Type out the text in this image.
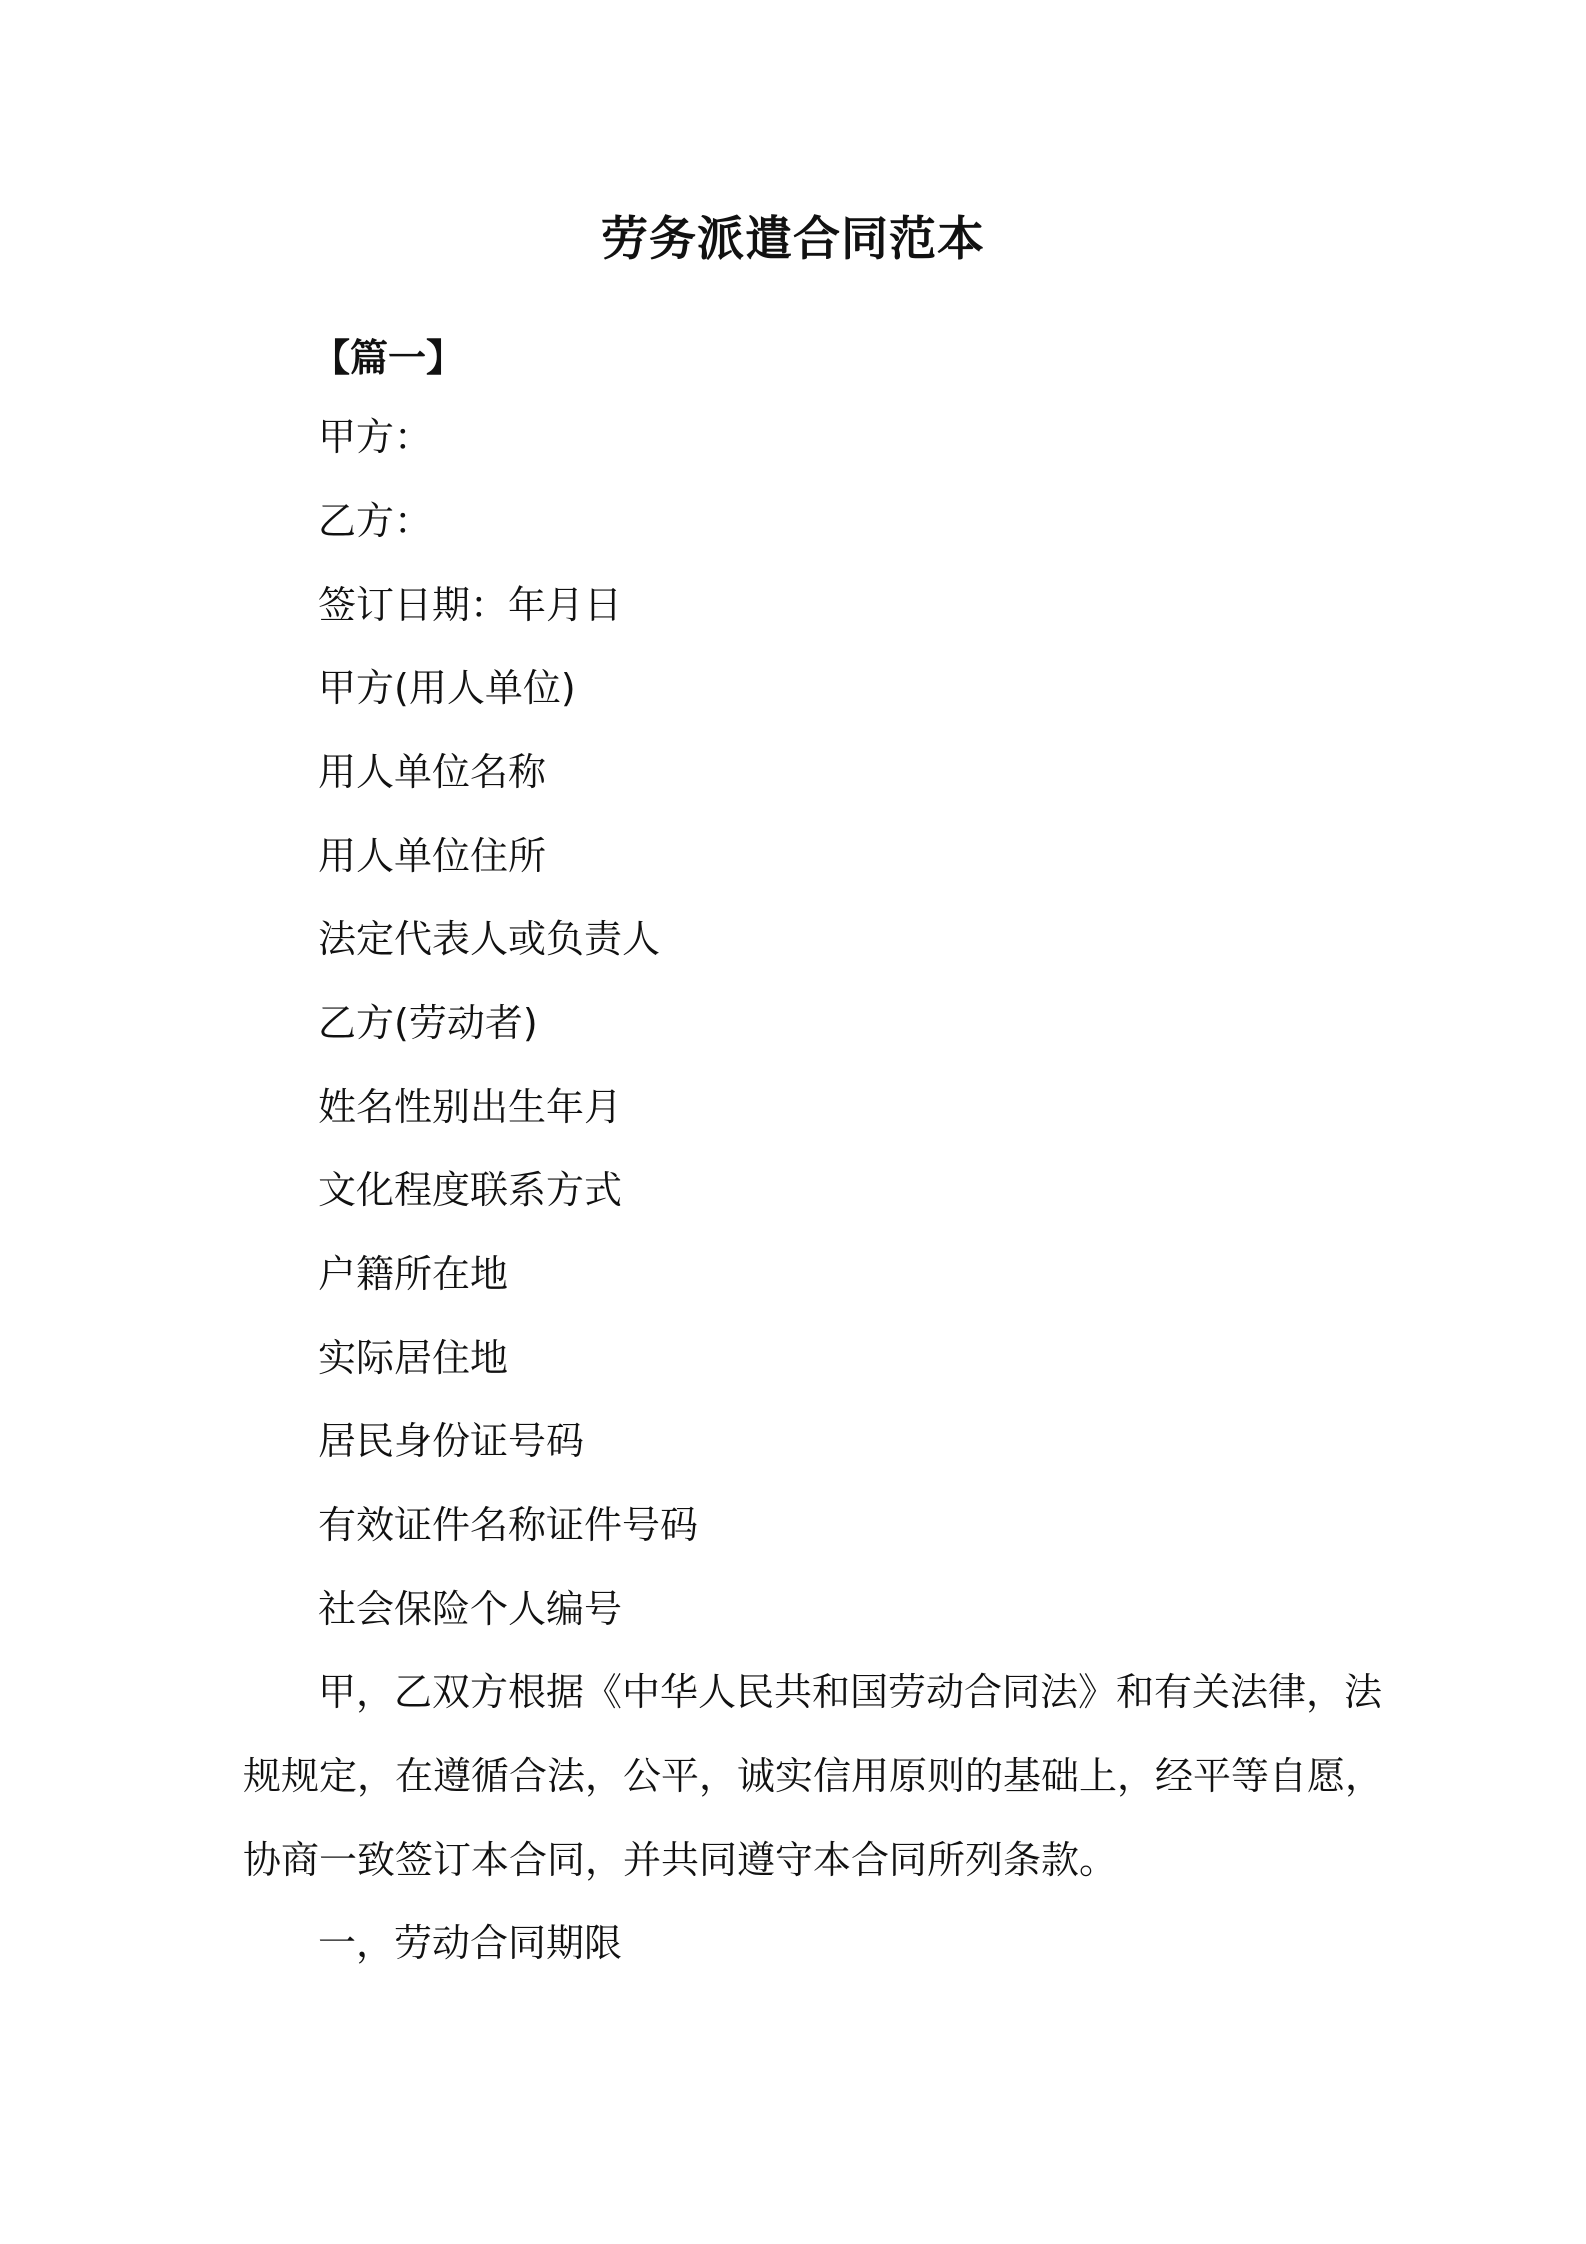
劳务派遣合同范本
【篇一】
甲方：
乙方：
签订日期：年月日
甲方(用人单位)
用人单位名称
用人单位住所
法定代表人或负责人
乙方(劳动者)
姓名性别出生年月
文化程度联系方式
户籍所在地
实际居住地
居民身份证号码
有效证件名称证件号码
社会保险个人编号
甲，乙双方根据《中华人民共和国劳动合同法》和有关法律，法
规规定，在遵循合法，公平，诚实信用原则的基础上，经平等自愿，
协商一致签订本合同，并共同遵守本合同所列条款。
一，劳动合同期限
